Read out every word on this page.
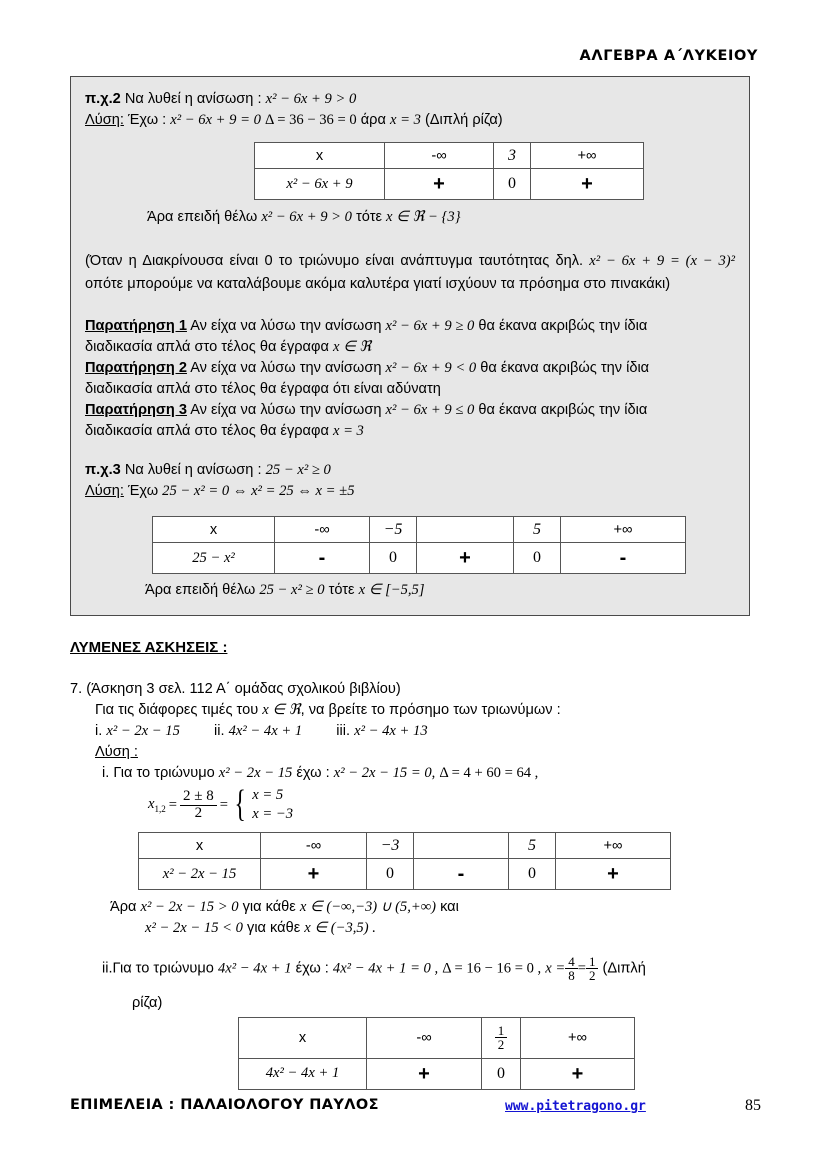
ΑΛΓΕΒΡΑ Α΄ΛΥΚΕΙΟΥ
π.χ.2 Να λυθεί η ανίσωση : x² − 6x + 9 > 0
Λύση: Έχω : x² − 6x + 9 = 0 Δ = 36 − 36 = 0 άρα x = 3 (Διπλή ρίζα)
x	-∞	3	+∞
x² − 6x + 9	+	0	+
Άρα επειδή θέλω x² − 6x + 9 > 0 τότε x ∈ ℜ − {3}
(Όταν η Διακρίνουσα είναι 0 το τριώνυμο είναι ανάπτυγμα ταυτότητας δηλ. x² − 6x + 9 = (x − 3)² οπότε μπορούμε να καταλάβουμε ακόμα καλυτέρα γιατί ισχύουν τα πρόσημα στο πινακάκι)
Παρατήρηση 1 Αν είχα να λύσω την ανίσωση x² − 6x + 9 ≥ 0 θα έκανα ακριβώς την ίδια
διαδικασία απλά στο τέλος θα έγραφα x ∈ ℜ
Παρατήρηση 2 Αν είχα να λύσω την ανίσωση x² − 6x + 9 < 0 θα έκανα ακριβώς την ίδια
διαδικασία απλά στο τέλος θα έγραφα ότι είναι αδύνατη
Παρατήρηση 3 Αν είχα να λύσω την ανίσωση x² − 6x + 9 ≤ 0 θα έκανα ακριβώς την ίδια
διαδικασία απλά στο τέλος θα έγραφα x = 3
π.χ.3 Να λυθεί η ανίσωση : 25 − x² ≥ 0
Λύση: Έχω 25 − x² = 0 ⇔ x² = 25 ⇔ x = ±5
x	-∞	−5		5	+∞
25 − x²	-	0	+	0	-
Άρα επειδή θέλω 25 − x² ≥ 0 τότε x ∈ [−5,5]
ΛΥΜΕΝΕΣ ΑΣΚΗΣΕΙΣ :
7. (Άσκηση 3 σελ. 112 Α΄ ομάδας σχολικού βιβλίου)
Για τις διάφορες τιμές του x ∈ ℜ, να βρείτε το πρόσημο των τριωνύμων :
i. x² − 2x − 15 ii. 4x² − 4x + 1 iii. x² − 4x + 13
Λύση :
i. Για το τριώνυμο x² − 2x − 15 έχω : x² − 2x − 15 = 0, Δ = 4 + 60 = 64 ,
$x_{1,2} = \frac{2 \pm 8}{2}$ = { x = 5
x = −3
x	-∞	−3		5	+∞
x² − 2x − 15	+	0	-	0	+
Άρα x² − 2x − 15 > 0 για κάθε x ∈ (−∞,−3) ∪ (5,+∞) και
x² − 2x − 15 < 0 για κάθε x ∈ (−3,5) .
ii.Για το τριώνυμο 4x² − 4x + 1 έχω : 4x² − 4x + 1 = 0 , Δ = 16 − 16 = 0 , $x = \frac{4}{8} = \frac{1}{2} (\Delta\iota\pi\lambda ή$
ρίζα)
x	-∞	$\frac{1}{2}$	+∞
4x² − 4x + 1	+	0	+
ΕΠΙΜΕΛΕΙΑ : ΠΑΛΑΙΟΛΟΓΟΥ ΠΑΥΛΟΣ	www.pitetragono.gr	85
